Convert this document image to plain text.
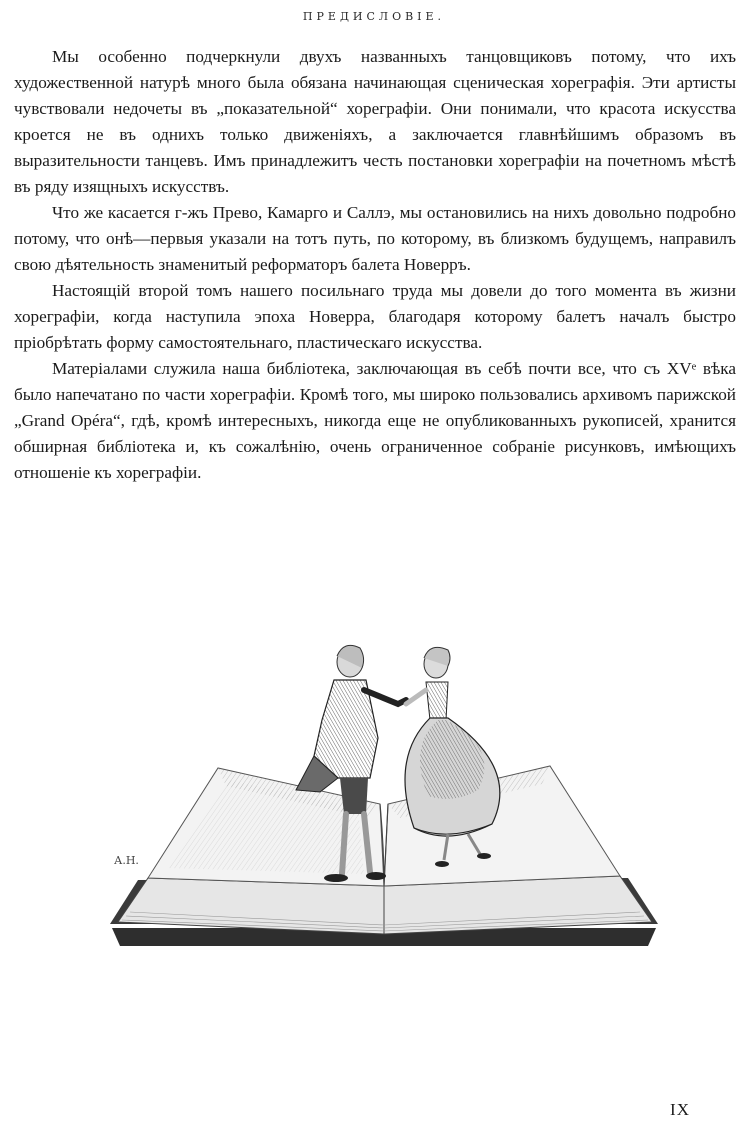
ПРЕДИСЛОВІЕ.

Мы особенно подчеркнули двухъ названныхъ танцовщиковъ потому, что ихъ художественной натурѣ много была обязана начинающая сценическая хореграфія. Эти артисты чувствовали недочеты въ „показательной“ хореграфіи. Они понимали, что красота искусства кроется не въ однихъ только движеніяхъ, а заключается главнѣйшимъ образомъ въ выразительности танцевъ. Имъ принадлежитъ честь постановки хореграфіи на почетномъ мѣстѣ въ ряду изящныхъ искусствъ.

Что же касается г-жъ Прево, Камарго и Саллэ, мы остановились на нихъ довольно подробно потому, что онѣ—первыя указали на тотъ путь, по которому, въ близкомъ будущемъ, направилъ свою дѣятельность знаменитый реформаторъ балета Новерръ.

Настоящій второй томъ нашего посильнаго труда мы довели до того момента въ жизни хореграфіи, когда наступила эпоха Новерра, благодаря которому балетъ началъ быстро пріобрѣтать форму самостоятельнаго, пластическаго искусства.

Матеріалами служила наша библіотека, заключающая въ себѣ почти все, что съ XVᵉ вѣка было напечатано по части хореграфіи. Кромѣ того, мы широко пользовались архивомъ парижской „Grand Opéra“, гдѣ, кромѣ интересныхъ, никогда еще не опубликованныхъ рукописей, хранится обширная библіотека и, къ сожалѣнію, очень ограниченное собраніе рисунковъ, имѣющихъ отношеніе къ хореграфіи.

А.Н.
IX
